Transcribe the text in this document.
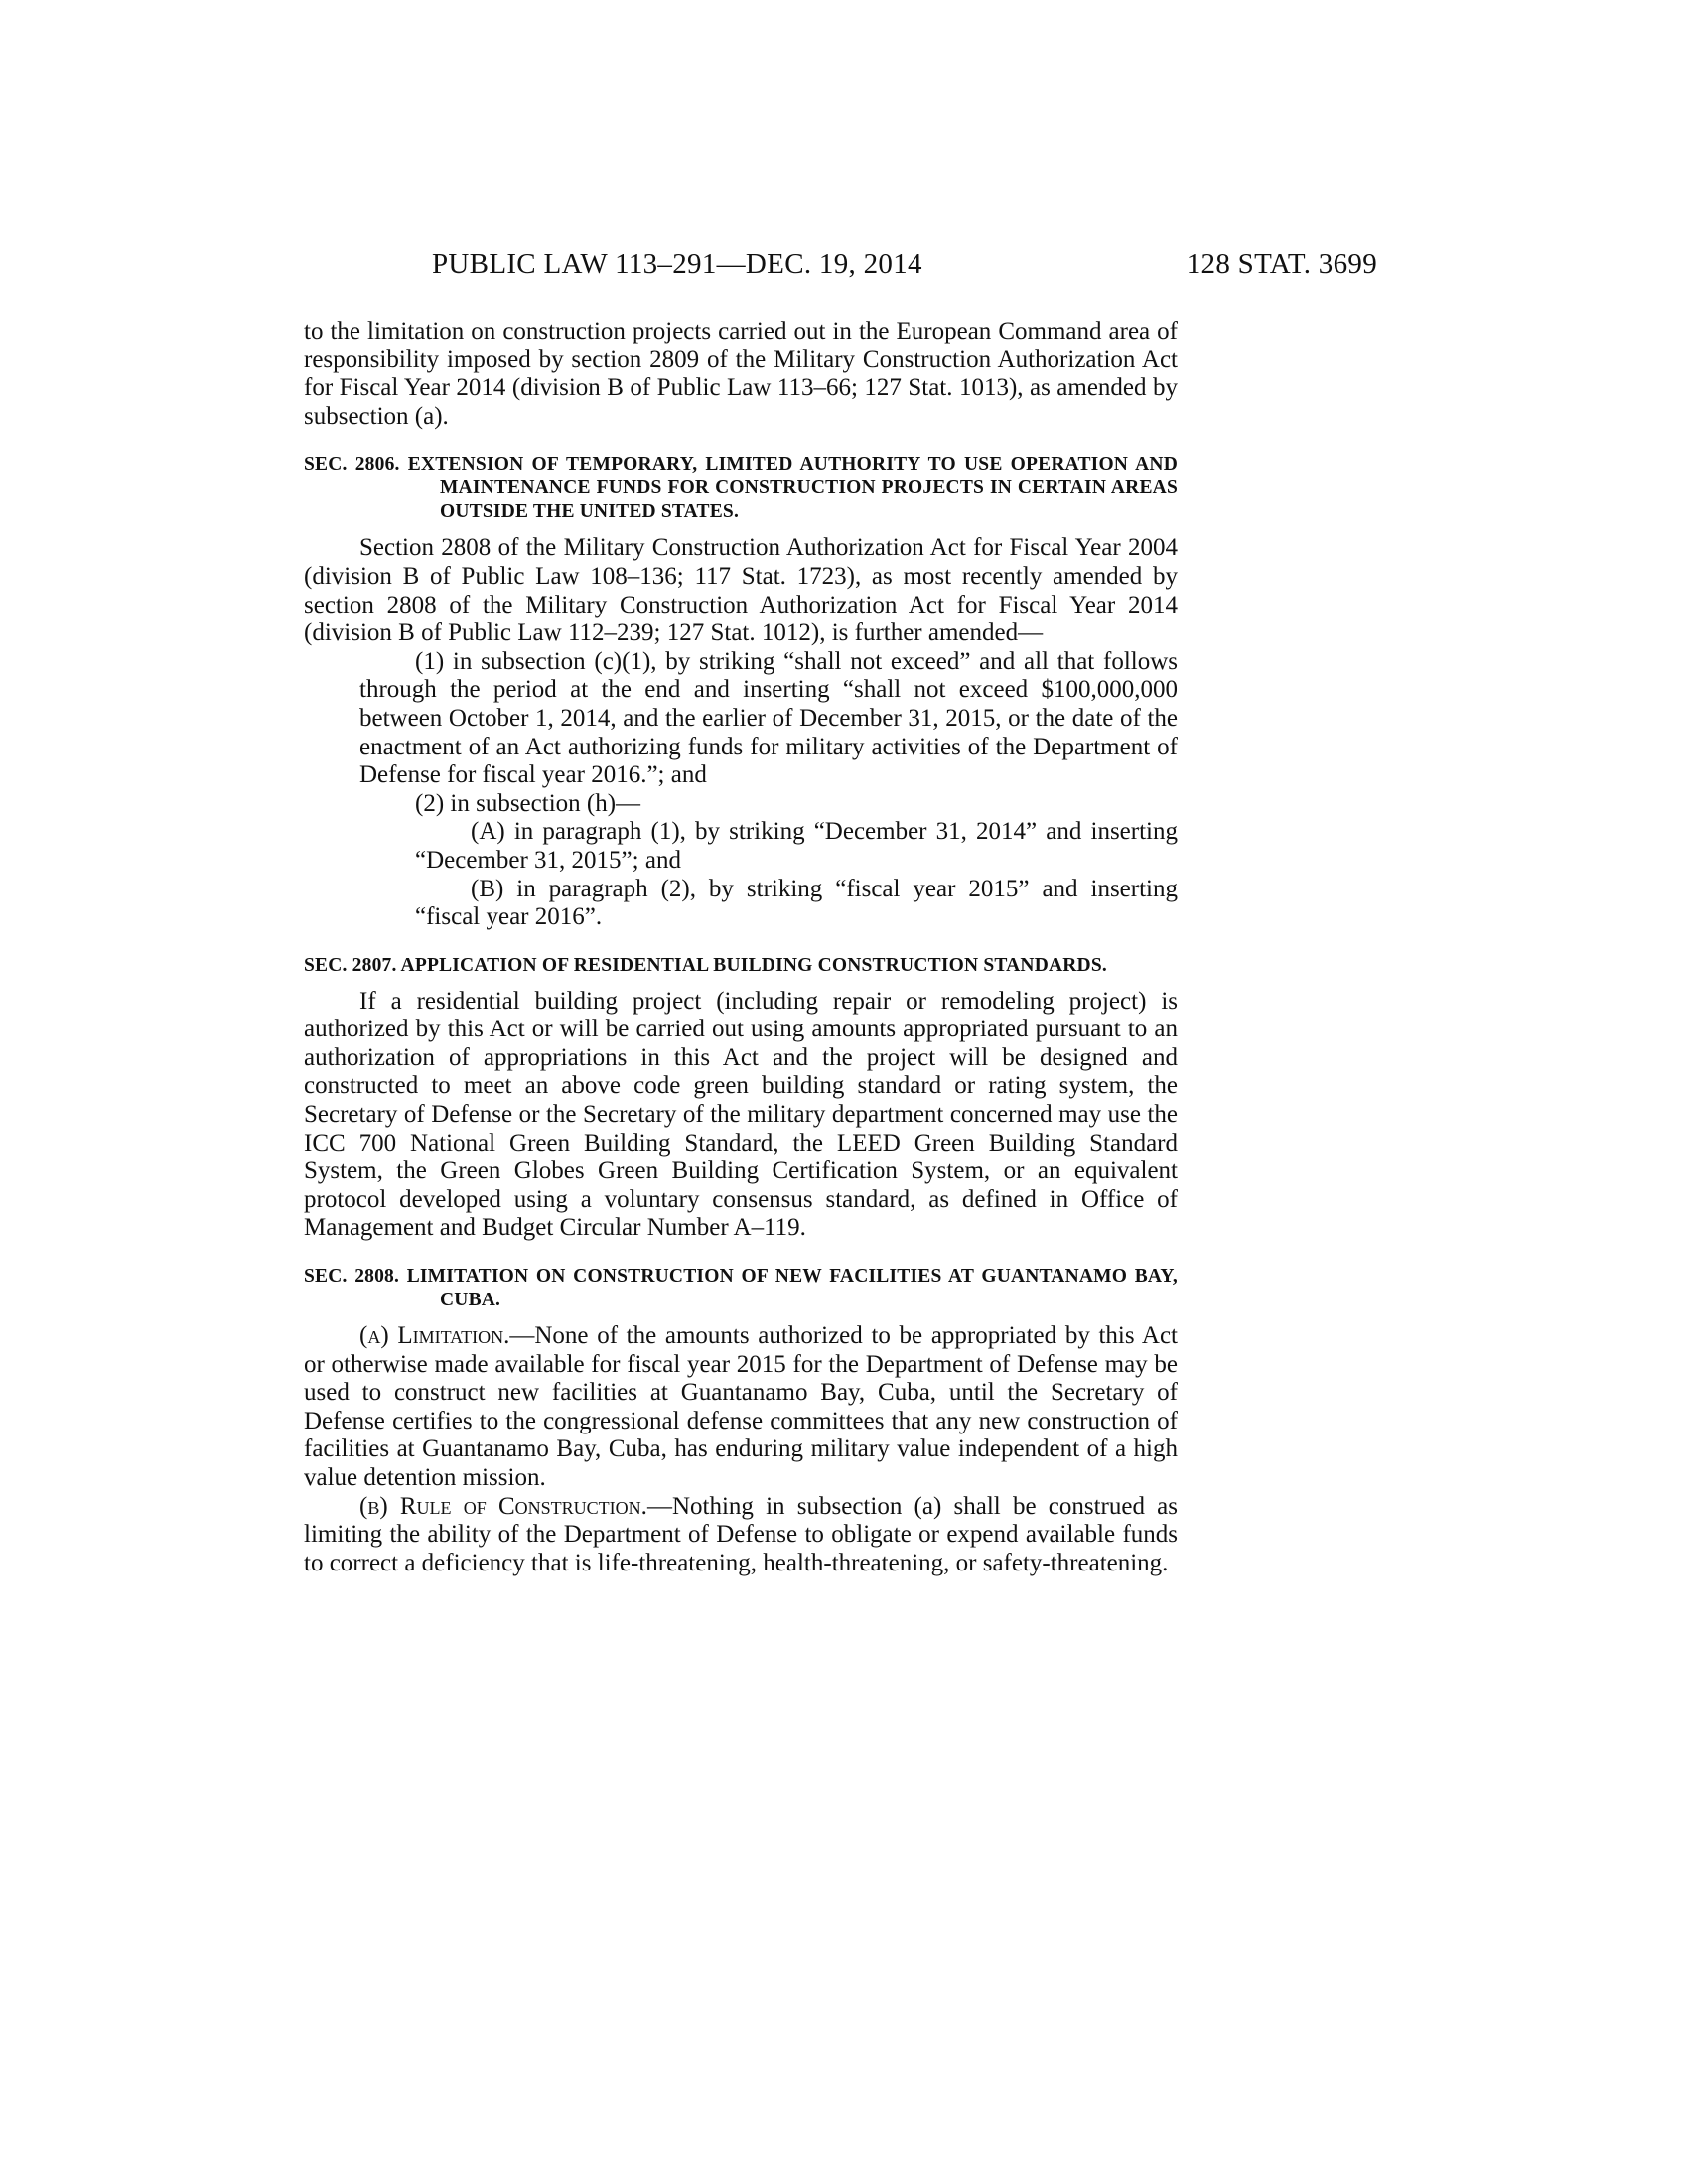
PUBLIC LAW 113–291—DEC. 19, 2014	128 STAT. 3699

to the limitation on construction projects carried out in the European Command area of responsibility imposed by section 2809 of the Military Construction Authorization Act for Fiscal Year 2014 (division B of Public Law 113–66; 127 Stat. 1013), as amended by subsection (a).

SEC. 2806. EXTENSION OF TEMPORARY, LIMITED AUTHORITY TO USE OPERATION AND MAINTENANCE FUNDS FOR CONSTRUCTION PROJECTS IN CERTAIN AREAS OUTSIDE THE UNITED STATES.

Section 2808 of the Military Construction Authorization Act for Fiscal Year 2004 (division B of Public Law 108–136; 117 Stat. 1723), as most recently amended by section 2808 of the Military Construction Authorization Act for Fiscal Year 2014 (division B of Public Law 112–239; 127 Stat. 1012), is further amended—

(1) in subsection (c)(1), by striking “shall not exceed” and all that follows through the period at the end and inserting “shall not exceed $100,000,000 between October 1, 2014, and the earlier of December 31, 2015, or the date of the enactment of an Act authorizing funds for military activities of the Department of Defense for fiscal year 2016.”; and

(2) in subsection (h)—

(A) in paragraph (1), by striking “December 31, 2014” and inserting “December 31, 2015”; and

(B) in paragraph (2), by striking “fiscal year 2015” and inserting “fiscal year 2016”.

SEC. 2807. APPLICATION OF RESIDENTIAL BUILDING CONSTRUCTION STANDARDS.

If a residential building project (including repair or remodeling project) is authorized by this Act or will be carried out using amounts appropriated pursuant to an authorization of appropriations in this Act and the project will be designed and constructed to meet an above code green building standard or rating system, the Secretary of Defense or the Secretary of the military department concerned may use the ICC 700 National Green Building Standard, the LEED Green Building Standard System, the Green Globes Green Building Certification System, or an equivalent protocol developed using a voluntary consensus standard, as defined in Office of Management and Budget Circular Number A–119.

SEC. 2808. LIMITATION ON CONSTRUCTION OF NEW FACILITIES AT GUANTANAMO BAY, CUBA.

(a) Limitation.—None of the amounts authorized to be appropriated by this Act or otherwise made available for fiscal year 2015 for the Department of Defense may be used to construct new facilities at Guantanamo Bay, Cuba, until the Secretary of Defense certifies to the congressional defense committees that any new construction of facilities at Guantanamo Bay, Cuba, has enduring military value independent of a high value detention mission.

(b) Rule of Construction.—Nothing in subsection (a) shall be construed as limiting the ability of the Department of Defense to obligate or expend available funds to correct a deficiency that is life-threatening, health-threatening, or safety-threatening.
